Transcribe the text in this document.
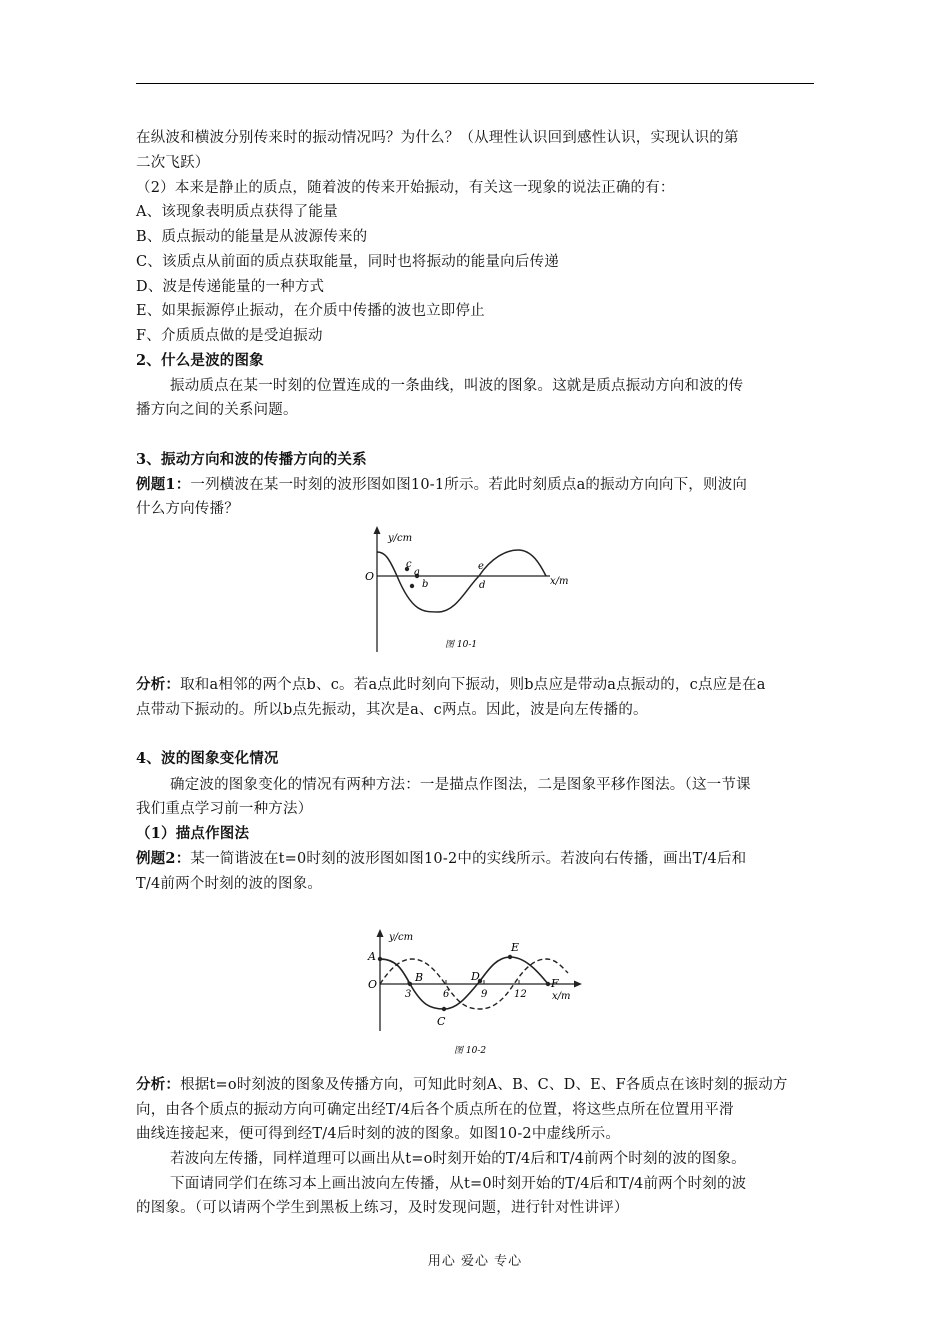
在纵波和横波分别传来时的振动情况吗？为什么？（从理性认识回到感性认识，实现认识的第
二次飞跃）
（2）本来是静止的质点，随着波的传来开始振动，有关这一现象的说法正确的有：
A、该现象表明质点获得了能量
B、质点振动的能量是从波源传来的
C、该质点从前面的质点获取能量，同时也将振动的能量向后传递
D、波是传递能量的一种方式
E、如果振源停止振动，在介质中传播的波也立即停止
F、介质质点做的是受迫振动
2、什么是波的图象
振动质点在某一时刻的位置连成的一条曲线，叫波的图象。这就是质点振动方向和波的传
播方向之间的关系问题。
3、振动方向和波的传播方向的关系
例题1：一列横波在某一时刻的波形图如图10-1所示。若此时刻质点a的振动方向向下，则波向
什么方向传播？
y/cm
O
c
a
b	d
e
x/m
图 10-1
分析：取和a相邻的两个点b、c。若a点此时刻向下振动，则b点应是带动a点振动的，c点应是在a
点带动下振动的。所以b点先振动，其次是a、c两点。因此，波是向左传播的。
4、波的图象变化情况
确定波的图象变化的情况有两种方法：一是描点作图法，二是图象平移作图法。（这一节课
我们重点学习前一种方法）
（1）描点作图法
例题2：某一简谐波在t=0时刻的波形图如图10-2中的实线所示。若波向右传播，画出T/4后和
T/4前两个时刻的波的图象。
y/cm
A
O
B
C
D
E
F
3	6	9	12	x/m
图 10-2
分析：根据t=o时刻波的图象及传播方向，可知此时刻A、B、C、D、E、F各质点在该时刻的振动方
向，由各个质点的振动方向可确定出经T/4后各个质点所在的位置，将这些点所在位置用平滑
曲线连接起来，便可得到经T/4后时刻的波的图象。如图10-2中虚线所示。
若波向左传播，同样道理可以画出从t=o时刻开始的T/4后和T/4前两个时刻的波的图象。
下面请同学们在练习本上画出波向左传播，从t=0时刻开始的T/4后和T/4前两个时刻的波
的图象。（可以请两个学生到黑板上练习，及时发现问题，进行针对性讲评）
用心 爱心 专心
